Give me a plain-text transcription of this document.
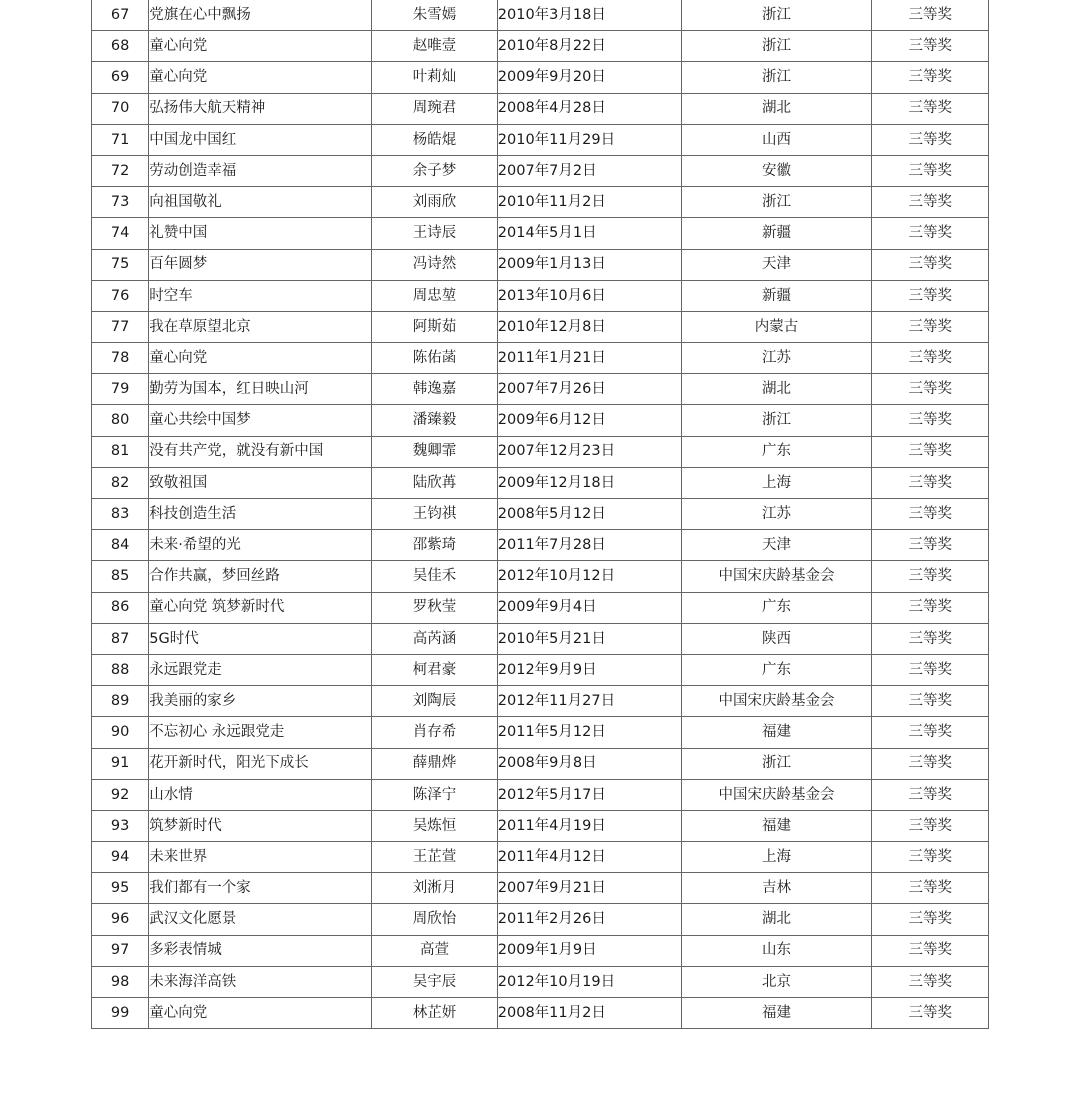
67	党旗在心中飘扬	朱雪嫣	2010年3月18日	浙江	三等奖
68	童心向党	赵唯壹	2010年8月22日	浙江	三等奖
69	童心向党	叶莉灿	2009年9月20日	浙江	三等奖
70	弘扬伟大航天精神	周琬君	2008年4月28日	湖北	三等奖
71	中国龙中国红	杨皓焜	2010年11月29日	山西	三等奖
72	劳动创造幸福	余子梦	2007年7月2日	安徽	三等奖
73	向祖国敬礼	刘雨欣	2010年11月2日	浙江	三等奖
74	礼赞中国	王诗辰	2014年5月1日	新疆	三等奖
75	百年圆梦	冯诗然	2009年1月13日	天津	三等奖
76	时空车	周忠堃	2013年10月6日	新疆	三等奖
77	我在草原望北京	阿斯茹	2010年12月8日	内蒙古	三等奖
78	童心向党	陈佑菡	2011年1月21日	江苏	三等奖
79	勤劳为国本，红日映山河	韩逸嘉	2007年7月26日	湖北	三等奖
80	童心共绘中国梦	潘臻毅	2009年6月12日	浙江	三等奖
81	没有共产党，就没有新中国	魏卿霏	2007年12月23日	广东	三等奖
82	致敬祖国	陆欣苒	2009年12月18日	上海	三等奖
83	科技创造生活	王钧祺	2008年5月12日	江苏	三等奖
84	未来·希望的光	邵紫琦	2011年7月28日	天津	三等奖
85	合作共赢，梦回丝路	吴佳禾	2012年10月12日	中国宋庆龄基金会	三等奖
86	童心向党 筑梦新时代	罗秋莹	2009年9月4日	广东	三等奖
87	5G时代	高芮涵	2010年5月21日	陕西	三等奖
88	永远跟党走	柯君豪	2012年9月9日	广东	三等奖
89	我美丽的家乡	刘陶辰	2012年11月27日	中国宋庆龄基金会	三等奖
90	不忘初心 永远跟党走	肖存希	2011年5月12日	福建	三等奖
91	花开新时代，阳光下成长	薛鼎烨	2008年9月8日	浙江	三等奖
92	山水情	陈泽宁	2012年5月17日	中国宋庆龄基金会	三等奖
93	筑梦新时代	吴炼恒	2011年4月19日	福建	三等奖
94	未来世界	王芷萱	2011年4月12日	上海	三等奖
95	我们都有一个家	刘淅月	2007年9月21日	吉林	三等奖
96	武汉文化愿景	周欣怡	2011年2月26日	湖北	三等奖
97	多彩表情城	高萱	2009年1月9日	山东	三等奖
98	未来海洋高铁	吴宇辰	2012年10月19日	北京	三等奖
99	童心向党	林芷妍	2008年11月2日	福建	三等奖
